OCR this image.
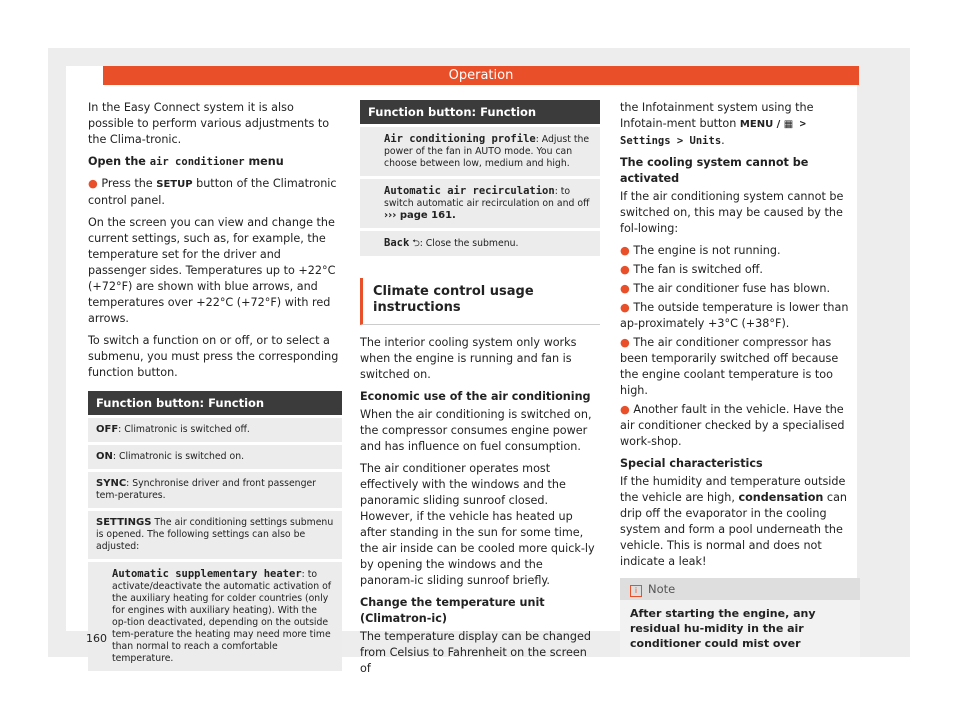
Operation

In the Easy Connect system it is also possible to perform various adjustments to the Clima-tronic.

Open the air conditioner menu

● Press the SETUP button of the Climatronic control panel.

On the screen you can view and change the current settings, such as, for example, the temperature set for the driver and passenger sides. Temperatures up to +22°C (+72°F) are shown with blue arrows, and temperatures over +22°C (+72°F) with red arrows.

To switch a function on or off, or to select a submenu, you must press the corresponding function button.

Function button: Function
OFF: Climatronic is switched off.
ON: Climatronic is switched on.
SYNC: Synchronise driver and front passenger tem-peratures.
SETTINGS The air conditioning settings submenu is opened. The following settings can also be adjusted:
Automatic supplementary heater: to activate/deactivate the automatic activation of the auxiliary heating for colder countries (only for engines with auxiliary heating). With the op-tion deactivated, depending on the outside tem-perature the heating may need more time than normal to reach a comfortable temperature.
Function button: Function
Air conditioning profile: Adjust the power of the fan in AUTO mode. You can choose between low, medium and high.
Automatic air recirculation: to switch automatic air recirculation on and off ››› page 161.
Back ⮌: Close the submenu.
Climate control usage instructions

The interior cooling system only works when the engine is running and fan is switched on.

Economic use of the air conditioning

When the air conditioning is switched on, the compressor consumes engine power and has influence on fuel consumption.

The air conditioner operates most effectively with the windows and the panoramic sliding sunroof closed. However, if the vehicle has heated up after standing in the sun for some time, the air inside can be cooled more quick-ly by opening the windows and the panoram-ic sliding sunroof briefly.

Change the temperature unit (Climatron-ic)

The temperature display can be changed from Celsius to Fahrenheit on the screen of

the Infotainment system using the Infotain-ment button MENU / ▦ > Settings > Units.

The cooling system cannot be activated

If the air conditioning system cannot be switched on, this may be caused by the fol-lowing:

● The engine is not running.
● The fan is switched off.
● The air conditioner fuse has blown.
● The outside temperature is lower than ap-proximately +3°C (+38°F).
● The air conditioner compressor has been temporarily switched off because the engine coolant temperature is too high.
● Another fault in the vehicle. Have the air conditioner checked by a specialised work-shop.

Special characteristics

If the humidity and temperature outside the vehicle are high, condensation can drip off the evaporator in the cooling system and form a pool underneath the vehicle. This is normal and does not indicate a leak!

i Note
After starting the engine, any residual hu-midity in the air conditioner could mist over
160
